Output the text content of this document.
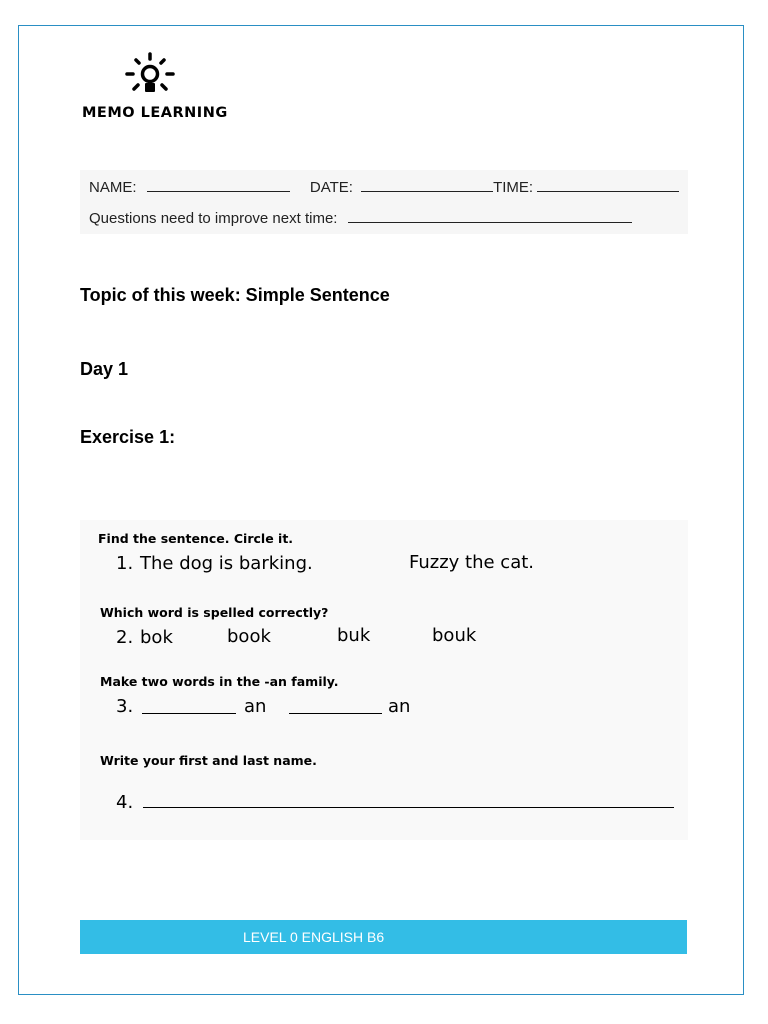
MEMO LEARNING
NAME:	DATE:	TIME:
Questions need to improve next time:
Topic of this week: Simple Sentence
Day 1
Exercise 1:
Find the sentence. Circle it.
1. The dog is barking.	Fuzzy the cat.
Which word is spelled correctly?
2. bok	book	buk	bouk
Make two words in the -an family.
3.	an	an
Write your first and last name.
4.
LEVEL 0 ENGLISH B6
